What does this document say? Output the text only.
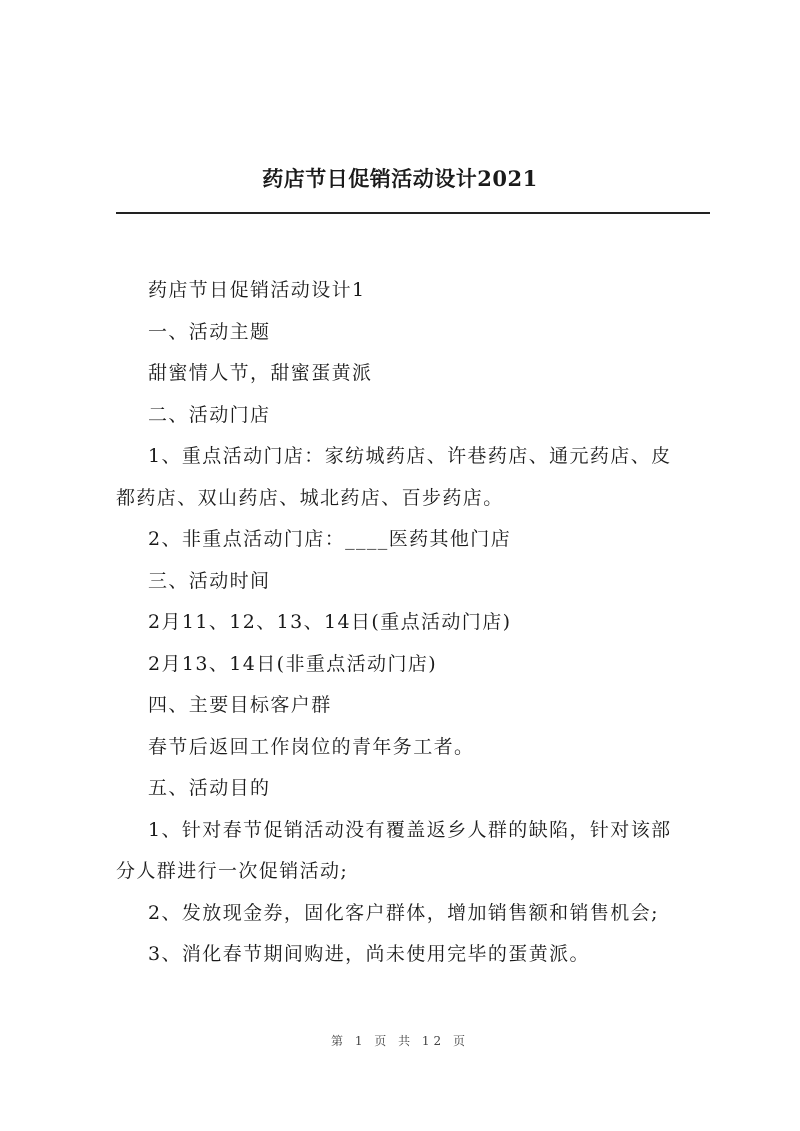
药店节日促销活动设计2021

药店节日促销活动设计1

一、活动主题

甜蜜情人节，甜蜜蛋黄派

二、活动门店

1、重点活动门店：家纺城药店、许巷药店、通元药店、皮

都药店、双山药店、城北药店、百步药店。

2、非重点活动门店：____医药其他门店

三、活动时间

2月11、12、13、14日(重点活动门店)

2月13、14日(非重点活动门店)

四、主要目标客户群

春节后返回工作岗位的青年务工者。

五、活动目的

1、针对春节促销活动没有覆盖返乡人群的缺陷，针对该部

分人群进行一次促销活动;

2、发放现金券，固化客户群体，增加销售额和销售机会;

3、消化春节期间购进，尚未使用完毕的蛋黄派。

第 1 页 共 12 页
